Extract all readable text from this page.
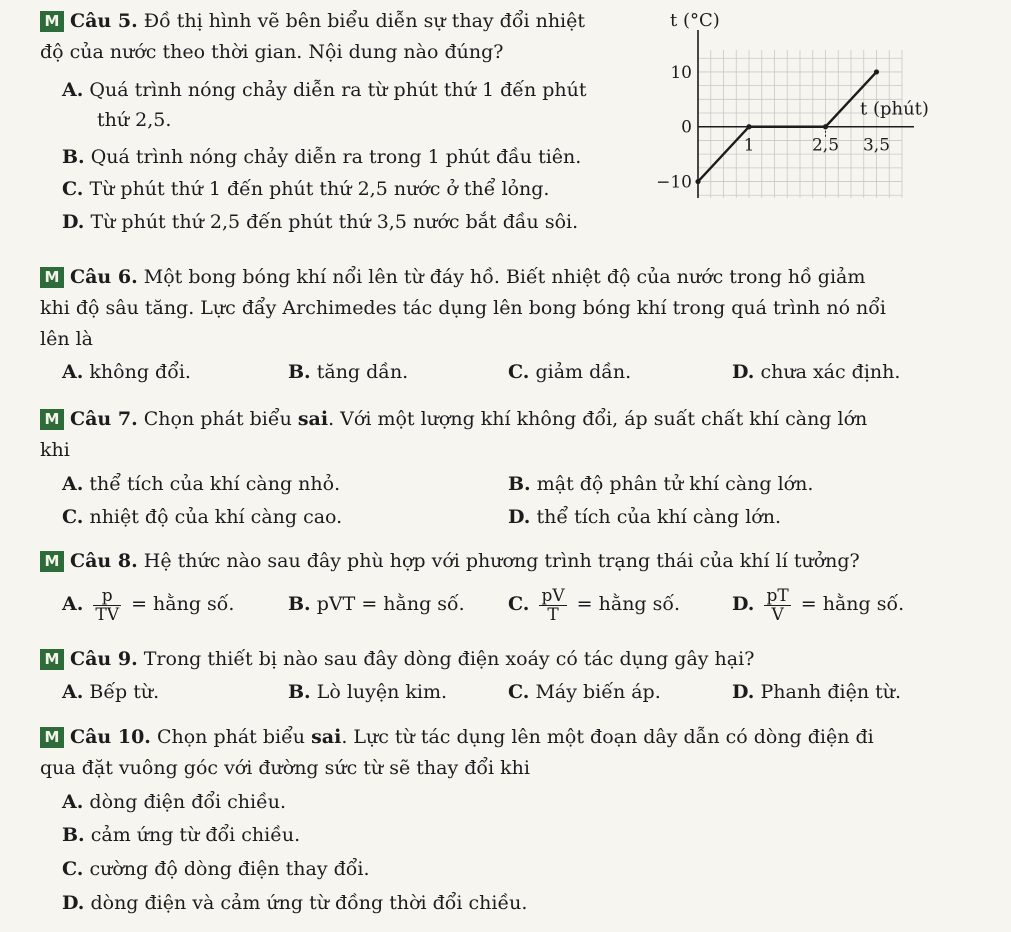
M Câu 5. Đồ thị hình vẽ bên biểu diễn sự thay đổi nhiệt
độ của nước theo thời gian. Nội dung nào đúng?
A. Quá trình nóng chảy diễn ra từ phút thứ 1 đến phút
thứ 2,5.
B. Quá trình nóng chảy diễn ra trong 1 phút đầu tiên.
C. Từ phút thứ 1 đến phút thứ 2,5 nước ở thể lỏng.
D. Từ phút thứ 2,5 đến phút thứ 3,5 nước bắt đầu sôi.
t (°C)
t (phút)
10
0
−10
1	2,5 3,5
M Câu 6. Một bong bóng khí nổi lên từ đáy hồ. Biết nhiệt độ của nước trong hồ giảm
khi độ sâu tăng. Lực đẩy Archimedes tác dụng lên bong bóng khí trong quá trình nó nổi
lên là
A. không đổi.	B. tăng dần.	C. giảm dần.	D. chưa xác định.
M Câu 7. Chọn phát biểu sai. Với một lượng khí không đổi, áp suất chất khí càng lớn
khi
A. thể tích của khí càng nhỏ.	B. mật độ phân tử khí càng lớn.
C. nhiệt độ của khí càng cao.	D. thể tích của khí càng lớn.
M Câu 8. Hệ thức nào sau đây phù hợp với phương trình trạng thái của khí lí tưởng?
A. $\frac{p}{TV}$ = hằng số.	B. pVT = hằng số. C. $\frac{pV}{T}$ = hằng số.	D. $\frac{pT}{V}$ = hằng số.
M Câu 9. Trong thiết bị nào sau đây dòng điện xoáy có tác dụng gây hại?
A. Bếp từ.	B. Lò luyện kim.	C. Máy biến áp.	D. Phanh điện từ.
M Câu 10. Chọn phát biểu sai. Lực từ tác dụng lên một đoạn dây dẫn có dòng điện đi
qua đặt vuông góc với đường sức từ sẽ thay đổi khi
A. dòng điện đổi chiều.
B. cảm ứng từ đổi chiều.
C. cường độ dòng điện thay đổi.
D. dòng điện và cảm ứng từ đồng thời đổi chiều.
